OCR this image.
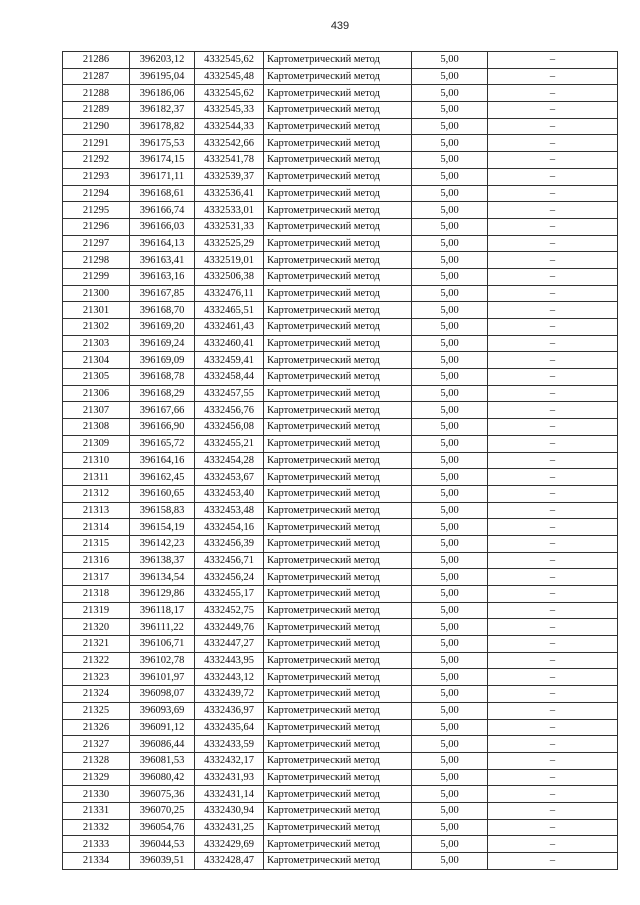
439
21286	396203,12	4332545,62	Картометрический метод	5,00	–
21287	396195,04	4332545,48	Картометрический метод	5,00	–
21288	396186,06	4332545,62	Картометрический метод	5,00	–
21289	396182,37	4332545,33	Картометрический метод	5,00	–
21290	396178,82	4332544,33	Картометрический метод	5,00	–
21291	396175,53	4332542,66	Картометрический метод	5,00	–
21292	396174,15	4332541,78	Картометрический метод	5,00	–
21293	396171,11	4332539,37	Картометрический метод	5,00	–
21294	396168,61	4332536,41	Картометрический метод	5,00	–
21295	396166,74	4332533,01	Картометрический метод	5,00	–
21296	396166,03	4332531,33	Картометрический метод	5,00	–
21297	396164,13	4332525,29	Картометрический метод	5,00	–
21298	396163,41	4332519,01	Картометрический метод	5,00	–
21299	396163,16	4332506,38	Картометрический метод	5,00	–
21300	396167,85	4332476,11	Картометрический метод	5,00	–
21301	396168,70	4332465,51	Картометрический метод	5,00	–
21302	396169,20	4332461,43	Картометрический метод	5,00	–
21303	396169,24	4332460,41	Картометрический метод	5,00	–
21304	396169,09	4332459,41	Картометрический метод	5,00	–
21305	396168,78	4332458,44	Картометрический метод	5,00	–
21306	396168,29	4332457,55	Картометрический метод	5,00	–
21307	396167,66	4332456,76	Картометрический метод	5,00	–
21308	396166,90	4332456,08	Картометрический метод	5,00	–
21309	396165,72	4332455,21	Картометрический метод	5,00	–
21310	396164,16	4332454,28	Картометрический метод	5,00	–
21311	396162,45	4332453,67	Картометрический метод	5,00	–
21312	396160,65	4332453,40	Картометрический метод	5,00	–
21313	396158,83	4332453,48	Картометрический метод	5,00	–
21314	396154,19	4332454,16	Картометрический метод	5,00	–
21315	396142,23	4332456,39	Картометрический метод	5,00	–
21316	396138,37	4332456,71	Картометрический метод	5,00	–
21317	396134,54	4332456,24	Картометрический метод	5,00	–
21318	396129,86	4332455,17	Картометрический метод	5,00	–
21319	396118,17	4332452,75	Картометрический метод	5,00	–
21320	396111,22	4332449,76	Картометрический метод	5,00	–
21321	396106,71	4332447,27	Картометрический метод	5,00	–
21322	396102,78	4332443,95	Картометрический метод	5,00	–
21323	396101,97	4332443,12	Картометрический метод	5,00	–
21324	396098,07	4332439,72	Картометрический метод	5,00	–
21325	396093,69	4332436,97	Картометрический метод	5,00	–
21326	396091,12	4332435,64	Картометрический метод	5,00	–
21327	396086,44	4332433,59	Картометрический метод	5,00	–
21328	396081,53	4332432,17	Картометрический метод	5,00	–
21329	396080,42	4332431,93	Картометрический метод	5,00	–
21330	396075,36	4332431,14	Картометрический метод	5,00	–
21331	396070,25	4332430,94	Картометрический метод	5,00	–
21332	396054,76	4332431,25	Картометрический метод	5,00	–
21333	396044,53	4332429,69	Картометрический метод	5,00	–
21334	396039,51	4332428,47	Картометрический метод	5,00	–
